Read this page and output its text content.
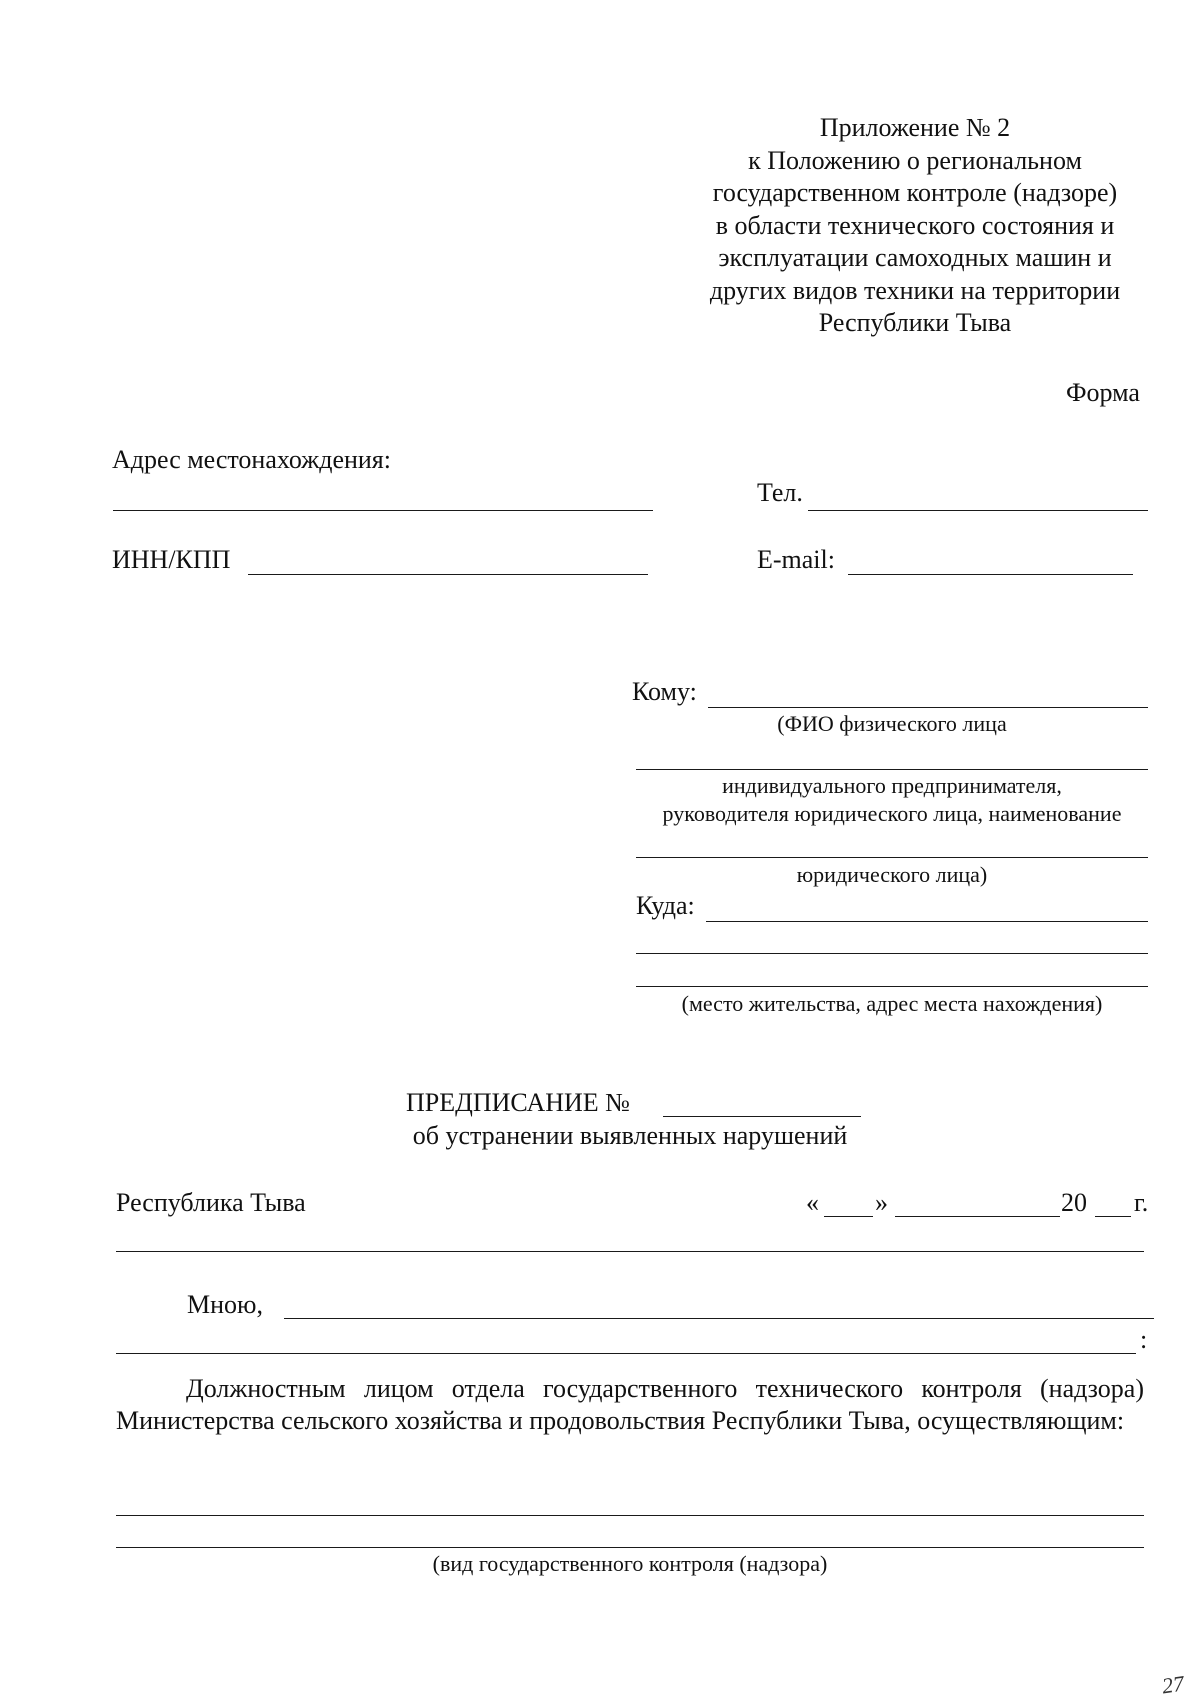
Приложение № 2
к Положению о региональном
государственном контроле (надзоре)
в области технического состояния и
эксплуатации самоходных машин и
других видов техники на территории
Республики Тыва
Форма
Адрес местонахождения:
Тел.
ИНН/КПП	E-mail:
Кому:
(ФИО физического лица
индивидуального предпринимателя,
руководителя юридического лица, наименование
юридического лица)
Куда:
(место жительства, адрес места нахождения)
ПРЕДПИСАНИЕ №
об устранении выявленных нарушений
Республика Тыва	« »	20 г.
Мною,
:

Должностным лицом отдела государственного технического контроля (надзора) Министерства сельского хозяйства и продовольствия Республики Тыва, осуществляющим:

(вид государственного контроля (надзора)
27
